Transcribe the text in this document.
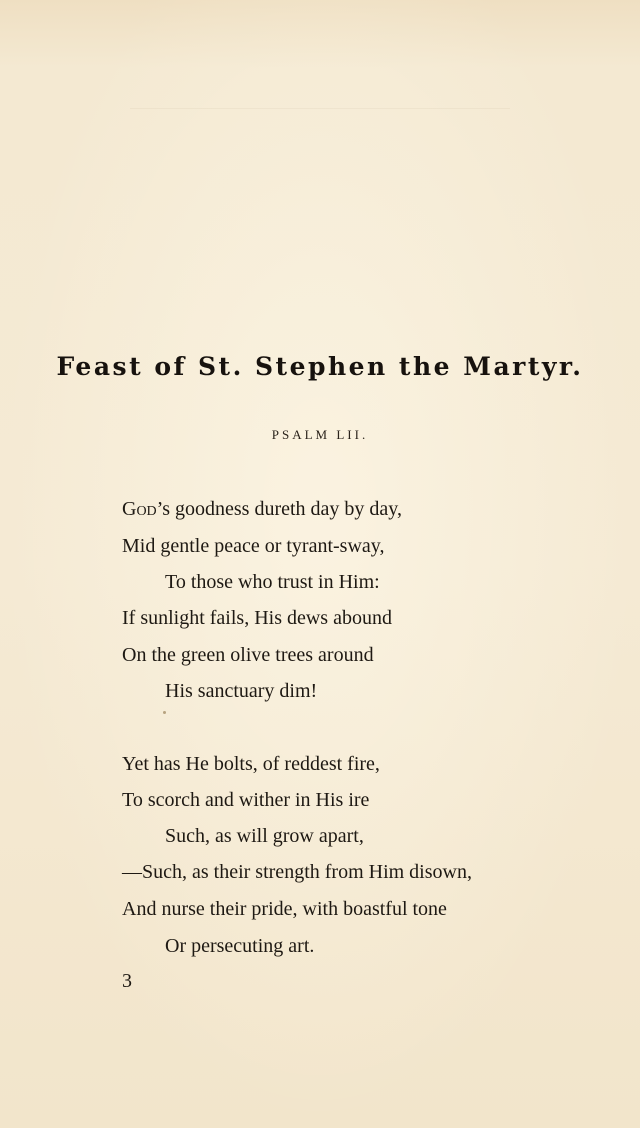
Feast of St. Stephen the Martyr.
PSALM LII.
God’s goodness dureth day by day,
Mid gentle peace or tyrant-sway,
To those who trust in Him:
If sunlight fails, His dews abound
On the green olive trees around
His sanctuary dim!
Yet has He bolts, of reddest fire,
To scorch and wither in His ire
Such, as will grow apart,
—Such, as their strength from Him disown,
And nurse their pride, with boastful tone
Or persecuting art.
3
